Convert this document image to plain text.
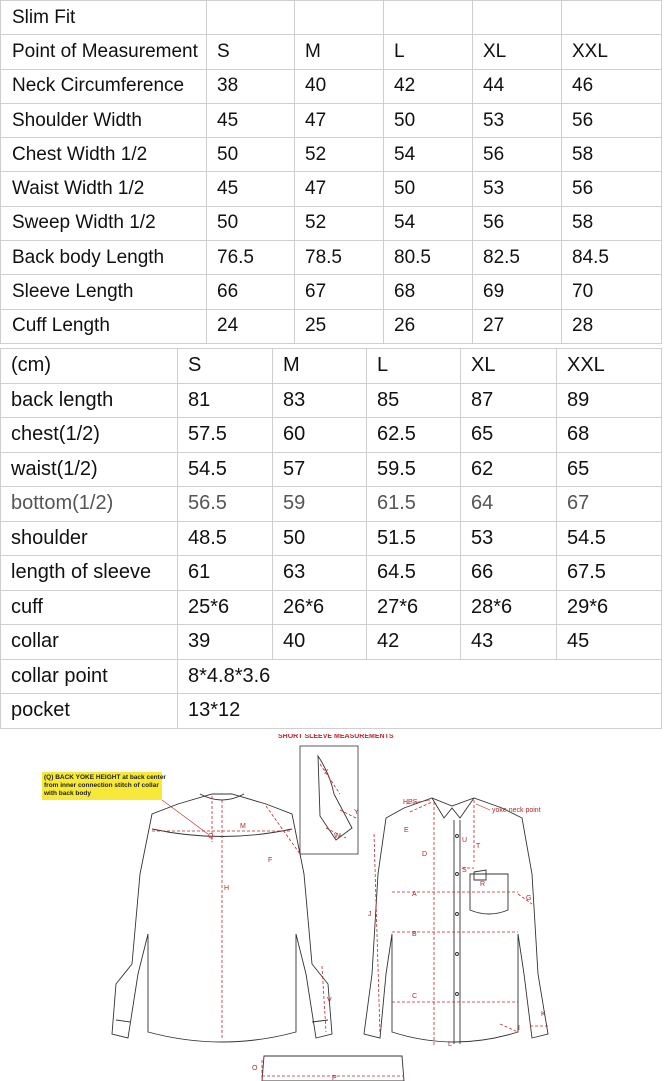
Slim Fit					
Point of Measurement	S	M	L	XL	XXL
Neck Circumference	38	40	42	44	46
Shoulder Width	45	47	50	53	56
Chest Width 1/2	50	52	54	56	58
Waist Width 1/2	45	47	50	53	56
Sweep Width 1/2	50	52	54	56	58
Back body Length	76.5	78.5	80.5	82.5	84.5
Sleeve Length	66	67	68	69	70
Cuff Length	24	25	26	27	28
(cm)	S	M	L	XL	XXL
back length	81	83	85	87	89
chest(1/2)	57.5	60	62.5	65	68
waist(1/2)	54.5	57	59.5	62	65
bottom(1/2)	56.5	59	61.5	64	67
shoulder	48.5	50	51.5	53	54.5
length of sleeve	61	63	64.5	66	67.5
cuff	25*6	26*6	27*6	28*6	29*6
collar	39	40	42	43	45
collar point	8*4.8*3.6				
pocket	13*12				
SHORT SLEEVE MEASUREMENTS
(Q) BACK YOKE HEIGHT at back center
from inner connection stitch of collar
with back body
Q
M
F
H
V
X
Y
W
HPS
yoke neck point
E
U
T
D
S
R
A
G
J
B
C
K
I
L
O
P
